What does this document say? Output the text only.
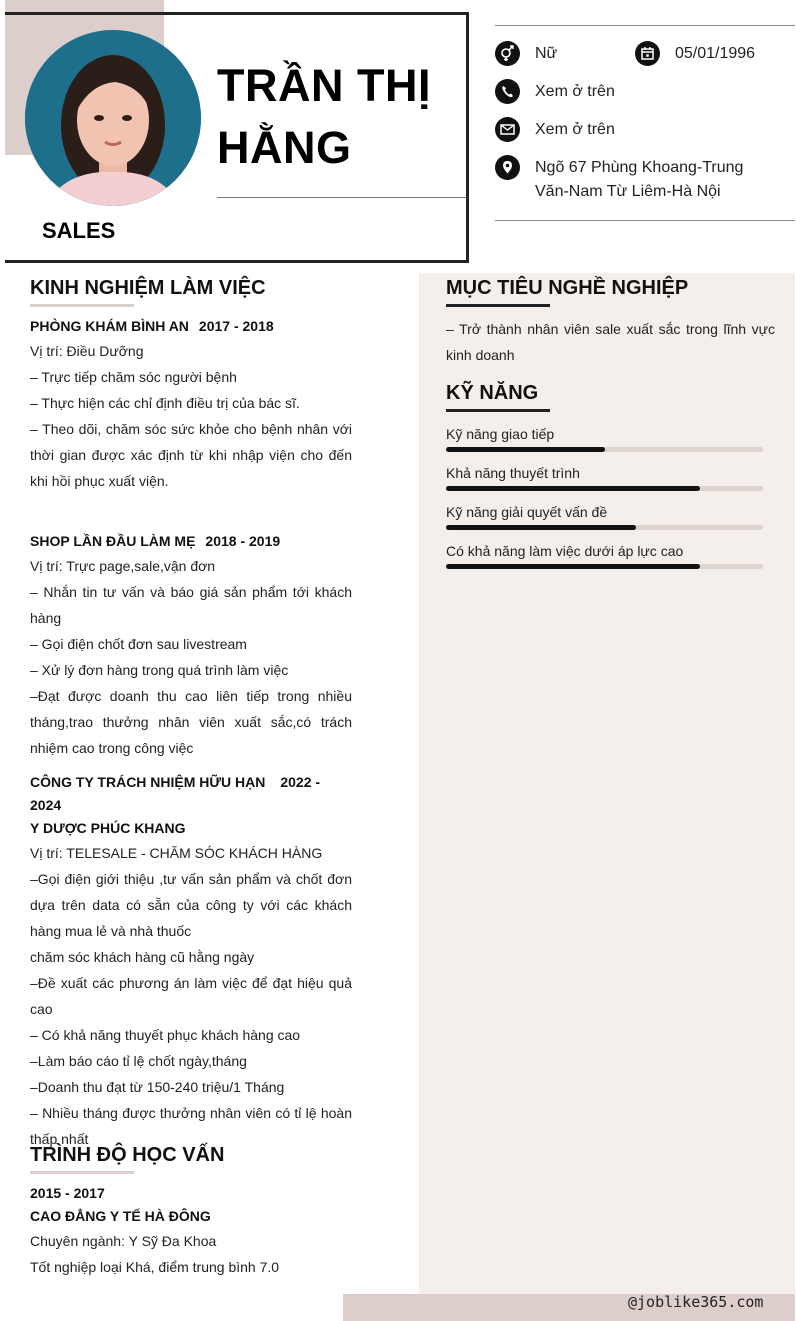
TRẦN THỊ HẰNG
SALES
Nữ	05/01/1996
Xem ở trên
Xem ở trên
Ngõ 67 Phùng Khoang-Trung Văn-Nam Từ Liêm-Hà Nội
KINH NGHIỆM LÀM VIỆC
PHÒNG KHÁM BÌNH AN 2017 - 2018

Vị trí: Điều Dưỡng

– Trực tiếp chăm sóc người bệnh

– Thực hiện các chỉ định điều trị của bác sĩ.

– Theo dõi, chăm sóc sức khỏe cho bệnh nhân với thời gian được xác định từ khi nhập viện cho đến khi hồi phục xuất viện.

SHOP LẦN ĐẦU LÀM MẸ 2018 - 2019

Vị trí: Trực page,sale,vận đơn

– Nhắn tin tư vấn và báo giá sản phẩm tới khách hàng

– Gọi điện chốt đơn sau livestream

– Xử lý đơn hàng trong quá trình làm việc

–Đạt được doanh thu cao liên tiếp trong nhiều tháng,trao thưởng nhân viên xuất sắc,có trách nhiệm cao trong công việc

CÔNG TY TRÁCH NHIỆM HỮU HẠN 2022 - 2024
Y DƯỢC PHÚC KHANG

Vị trí: TELESALE - CHĂM SÓC KHÁCH HÀNG

–Gọi điện giới thiệu ,tư vấn sản phẩm và chốt đơn dựa trên data có sẵn của công ty với các khách hàng mua lẻ và nhà thuốc

chăm sóc khách hàng cũ hằng ngày

–Đề xuất các phương án làm việc để đạt hiệu quả cao

– Có khả năng thuyết phục khách hàng cao

–Làm báo cáo tỉ lệ chốt ngày,tháng

–Doanh thu đạt từ 150-240 triệu/1 Tháng

– Nhiều tháng được thưởng nhân viên có tỉ lệ hoàn thấp nhất

TRÌNH ĐỘ HỌC VẤN
2015 - 2017
CAO ĐẲNG Y TẾ HÀ ĐÔNG

Chuyên ngành: Y Sỹ Đa Khoa

Tốt nghiệp loại Khá, điểm trung bình 7.0

MỤC TIÊU NGHỀ NGHIỆP
– Trở thành nhân viên sale xuất sắc trong lĩnh vực kinh doanh
KỸ NĂNG
Kỹ năng giao tiếp
Khả năng thuyết trình
Kỹ năng giải quyết vấn đề
Có khả năng làm việc dưới áp lực cao
@joblike365.com
